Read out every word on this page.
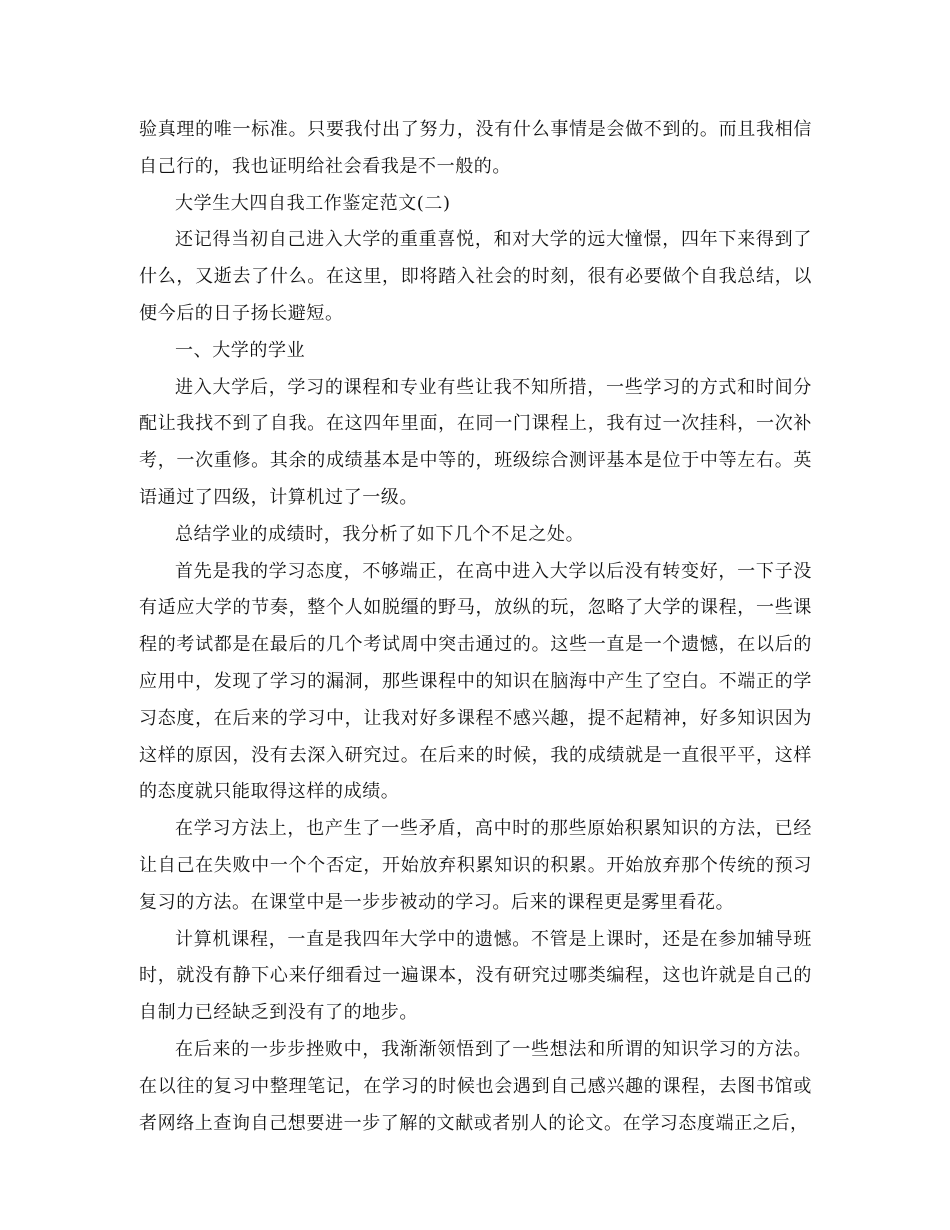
验真理的唯一标准。只要我付出了努力，没有什么事情是会做不到的。而且我相信自己行的，我也证明给社会看我是不一般的。

大学生大四自我工作鉴定范文(二)

还记得当初自己进入大学的重重喜悦，和对大学的远大憧憬，四年下来得到了什么，又逝去了什么。在这里，即将踏入社会的时刻，很有必要做个自我总结，以便今后的日子扬长避短。

一、大学的学业

进入大学后，学习的课程和专业有些让我不知所措，一些学习的方式和时间分配让我找不到了自我。在这四年里面，在同一门课程上，我有过一次挂科，一次补考，一次重修。其余的成绩基本是中等的，班级综合测评基本是位于中等左右。英语通过了四级，计算机过了一级。

总结学业的成绩时，我分析了如下几个不足之处。

首先是我的学习态度，不够端正，在高中进入大学以后没有转变好，一下子没有适应大学的节奏，整个人如脱缰的野马，放纵的玩，忽略了大学的课程，一些课程的考试都是在最后的几个考试周中突击通过的。这些一直是一个遗憾，在以后的应用中，发现了学习的漏洞，那些课程中的知识在脑海中产生了空白。不端正的学习态度，在后来的学习中，让我对好多课程不感兴趣，提不起精神，好多知识因为这样的原因，没有去深入研究过。在后来的时候，我的成绩就是一直很平平，这样的态度就只能取得这样的成绩。

在学习方法上，也产生了一些矛盾，高中时的那些原始积累知识的方法，已经让自己在失败中一个个否定，开始放弃积累知识的积累。开始放弃那个传统的预习复习的方法。在课堂中是一步步被动的学习。后来的课程更是雾里看花。

计算机课程，一直是我四年大学中的遗憾。不管是上课时，还是在参加辅导班时，就没有静下心来仔细看过一遍课本，没有研究过哪类编程，这也许就是自己的自制力已经缺乏到没有了的地步。

在后来的一步步挫败中，我渐渐领悟到了一些想法和所谓的知识学习的方法。在以往的复习中整理笔记，在学习的时候也会遇到自己感兴趣的课程，去图书馆或者网络上查询自己想要进一步了解的文献或者别人的论文。在学习态度端正之后，
